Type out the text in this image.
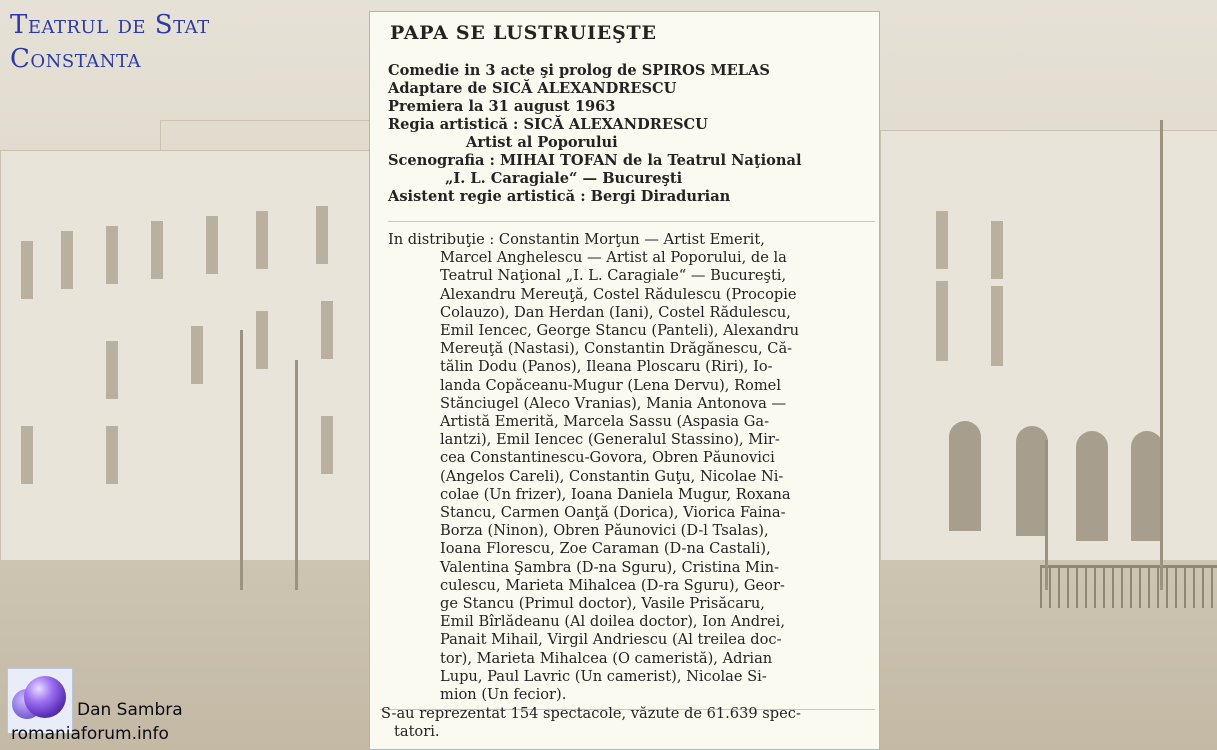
Teatrul de Stat
Constanta
PAPA SE LUSTRUIEŞTE
Comedie in 3 acte şi prolog de SPIROS MELAS
Adaptare de SICĂ ALEXANDRESCU
Premiera la 31 august 1963
Regia artistică : SICĂ ALEXANDRESCU
Artist al Poporului
Scenografia : MIHAI TOFAN de la Teatrul Naţional
„I. L. Caragiale“ — Bucureşti
Asistent regie artistică : Bergi Diradurian
In distribuţie : Constantin Morţun — Artist Emerit,
Marcel Anghelescu — Artist al Poporului, de la
Teatrul Naţional „I. L. Caragiale“ — Bucureşti,
Alexandru Mereuţă, Costel Rădulescu (Procopie
Colauzo), Dan Herdan (Iani), Costel Rădulescu,
Emil Iencec, George Stancu (Panteli), Alexandru
Mereuţă (Nastasi), Constantin Drăgănescu, Că-
tălin Dodu (Panos), Ileana Ploscaru (Riri), Io-
landa Copăceanu-Mugur (Lena Dervu), Romel
Stănciugel (Aleco Vranias), Mania Antonova —
Artistă Emerită, Marcela Sassu (Aspasia Ga-
lantzi), Emil Iencec (Generalul Stassino), Mir-
cea Constantinescu-Govora, Obren Păunovici
(Angelos Careli), Constantin Guţu, Nicolae Ni-
colae (Un frizer), Ioana Daniela Mugur, Roxana
Stancu, Carmen Oanţă (Dorica), Viorica Faina-
Borza (Ninon), Obren Păunovici (D-l Tsalas),
Ioana Florescu, Zoe Caraman (D-na Castali),
Valentina Şambra (D-na Sguru), Cristina Min-
culescu, Marieta Mihalcea (D-ra Sguru), Geor-
ge Stancu (Primul doctor), Vasile Prisăcaru,
Emil Bîrlădeanu (Al doilea doctor), Ion Andrei,
Panait Mihail, Virgil Andriescu (Al treilea doc-
tor), Marieta Mihalcea (O cameristă), Adrian
Lupu, Paul Lavric (Un camerist), Nicolae Si-
mion (Un fecior).
S-au reprezentat 154 spectacole, văzute de 61.639 spec-
tatori.
Dan Sambra
romaniaforum.info
